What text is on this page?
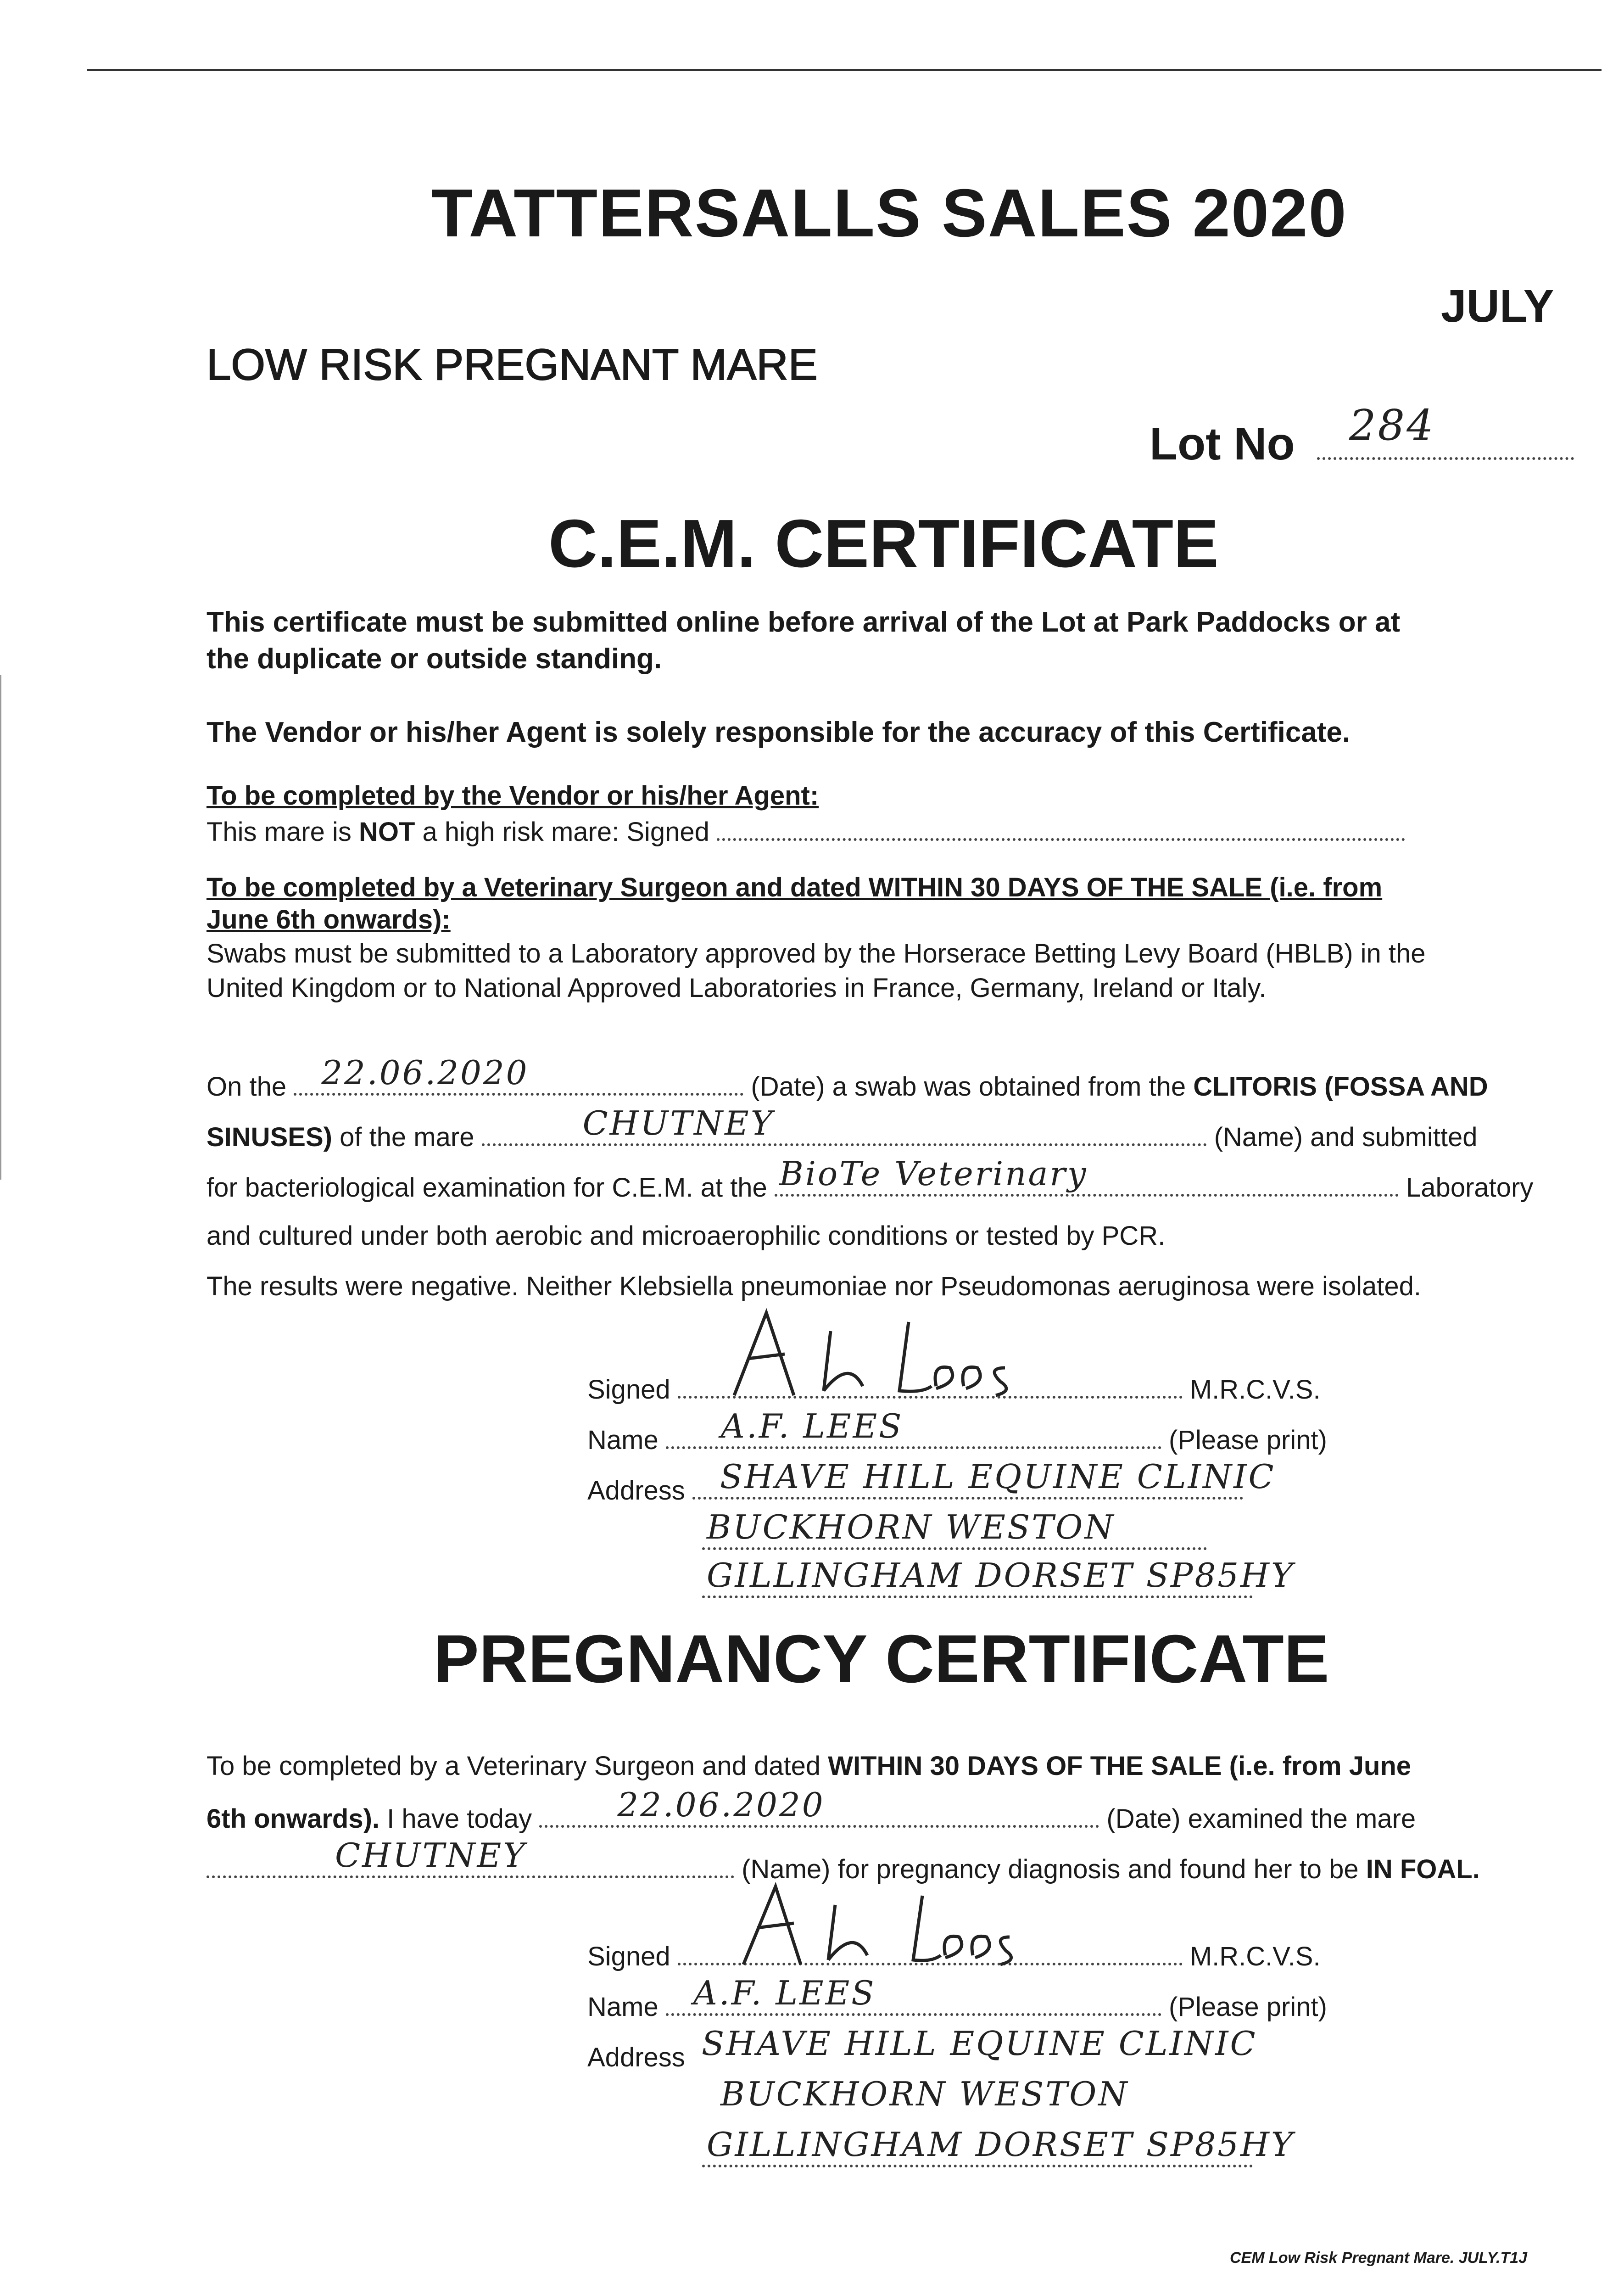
TATTERSALLS SALES 2020
JULY
LOW RISK PREGNANT MARE
Lot No 284
C.E.M. CERTIFICATE
This certificate must be submitted online before arrival of the Lot at Park Paddocks or at
the duplicate or outside standing.
The Vendor or his/her Agent is solely responsible for the accuracy of this Certificate.
To be completed by the Vendor or his/her Agent:
This mare is NOT a high risk mare: Signed
To be completed by a Veterinary Surgeon and dated WITHIN 30 DAYS OF THE SALE (i.e. from
June 6th onwards):
Swabs must be submitted to a Laboratory approved by the Horserace Betting Levy Board (HBLB) in the
United Kingdom or to National Approved Laboratories in France, Germany, Ireland or Italy.
On the 22.06.2020	(Date) a swab was obtained from the CLITORIS (FOSSA AND
SINUSES) of the mare	CHUTNEY	(Name) and submitted
for bacteriological examination for C.E.M. at the BioTe Veterinary	Laboratory
and cultured under both aerobic and microaerophilic conditions or tested by PCR.
The results were negative. Neither Klebsiella pneumoniae nor Pseudomonas aeruginosa were isolated.
Signed	M.R.C.V.S.
Name A.F. LEES	(Please print)
Address SHAVE HILL EQUINE CLINIC
BUCKHORN WESTON
GILLINGHAM DORSET SP85HY
PREGNANCY CERTIFICATE
To be completed by a Veterinary Surgeon and dated WITHIN 30 DAYS OF THE SALE (i.e. from June
6th onwards). I have today	22.06.2020	(Date) examined the mare
CHUTNEY	(Name) for pregnancy diagnosis and found her to be IN FOAL.
Signed	M.R.C.V.S.
Name A.F. LEES	(Please print)
Address SHAVE HILL EQUINE CLINIC
BUCKHORN WESTON
GILLINGHAM DORSET SP85HY
CEM Low Risk Pregnant Mare. JULY.T1J
